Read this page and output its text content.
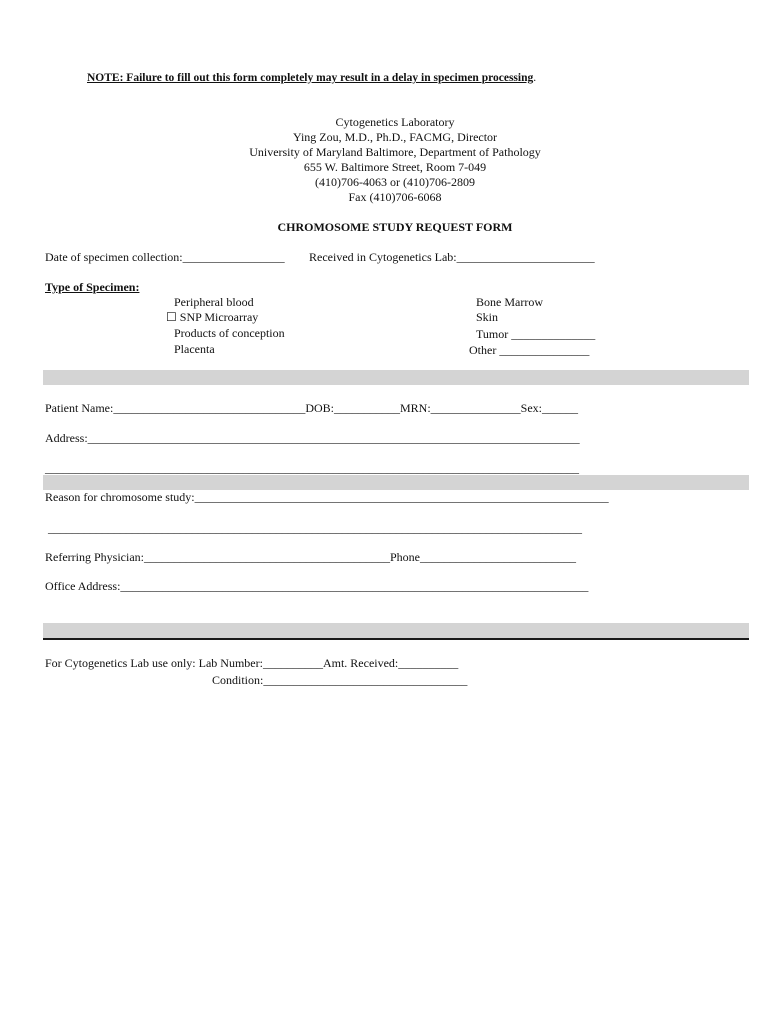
NOTE: Failure to fill out this form completely may result in a delay in specimen processing.
Cytogenetics Laboratory
Ying Zou, M.D., Ph.D., FACMG, Director
University of Maryland Baltimore, Department of Pathology
655 W. Baltimore Street, Room 7-049
(410)706-4063 or (410)706-2809
Fax (410)706-6068
CHROMOSOME STUDY REQUEST FORM
Date of specimen collection:_________________ Received in Cytogenetics Lab:_______________________
Type of Specimen:
Peripheral blood
☐ SNP Microarray
Products of conception
Placenta
Bone Marrow
Skin
Tumor ______________
Other _______________
Patient Name:________________________________DOB:___________MRN:_______________Sex:______
Address:__________________________________________________________________________________
_________________________________________________________________________________________
Reason for chromosome study:_____________________________________________________________________
_________________________________________________________________________________________
Referring Physician:_________________________________________Phone__________________________
Office Address:______________________________________________________________________________
For Cytogenetics Lab use only: Lab Number:__________Amt. Received:__________
Condition:__________________________________
